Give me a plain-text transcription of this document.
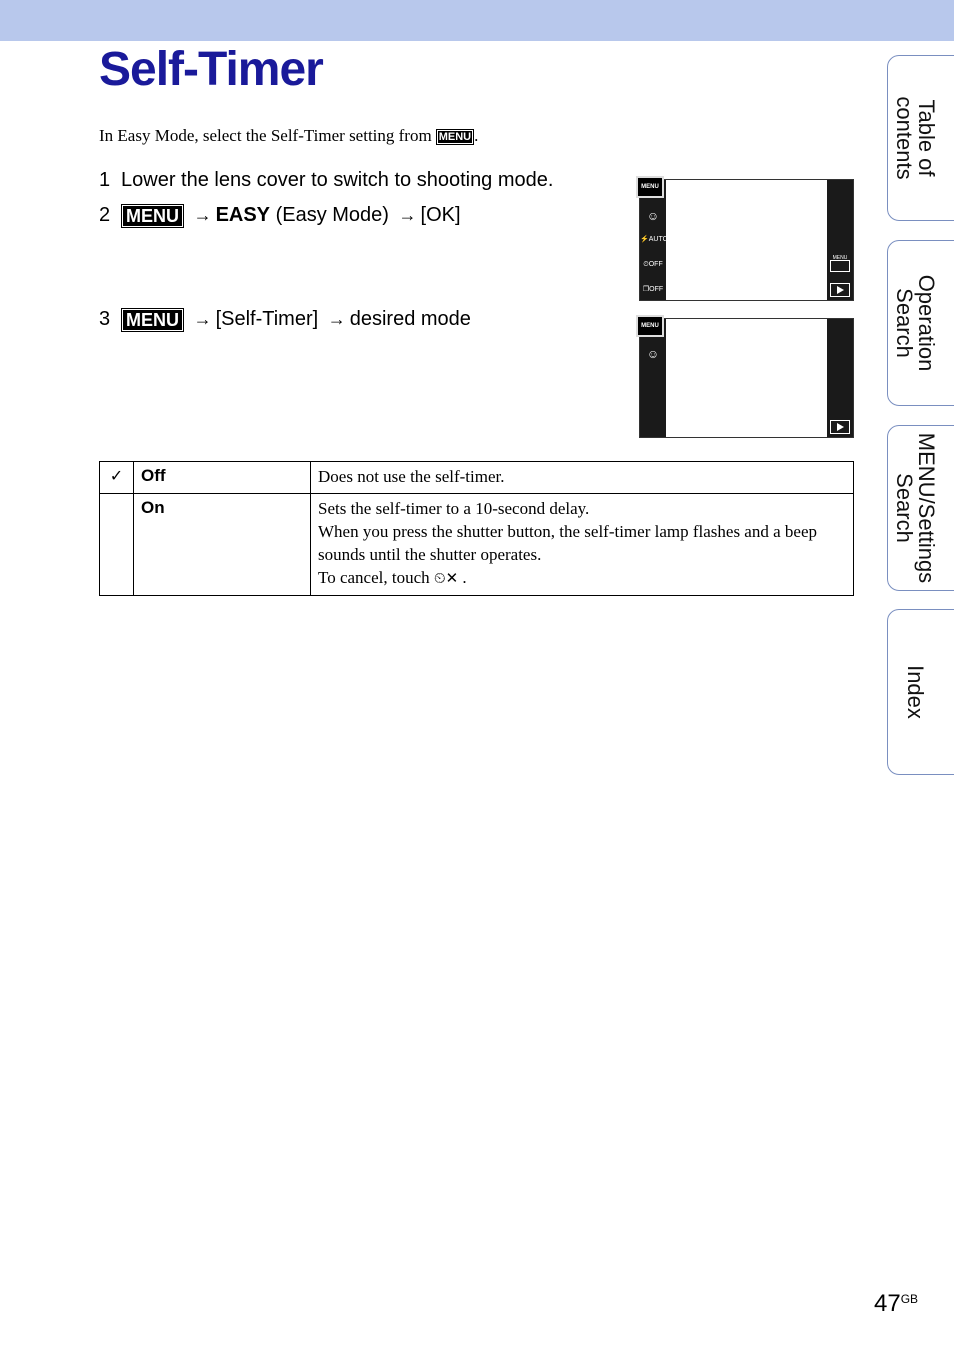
Self-Timer
In Easy Mode, select the Self-Timer setting from MENU .
1 Lower the lens cover to switch to shooting mode.
2 MENU → EASY (Easy Mode) → [OK]
3 MENU → [Self-Timer] → desired mode
MENU
☺
⚡AUTO
⏲OFF
❐OFF
MENU
MENU
☺
✓	Off	Does not use the self-timer.

	On	Sets the self-timer to a 10-second delay.
When you press the shutter button, the self-timer lamp flashes and a beep sounds until the shutter operates.
To cancel, touch ⏲✕ .
Table of
contents
Operation
Search
MENU/Settings
Search
Index
$47^{GB}$
